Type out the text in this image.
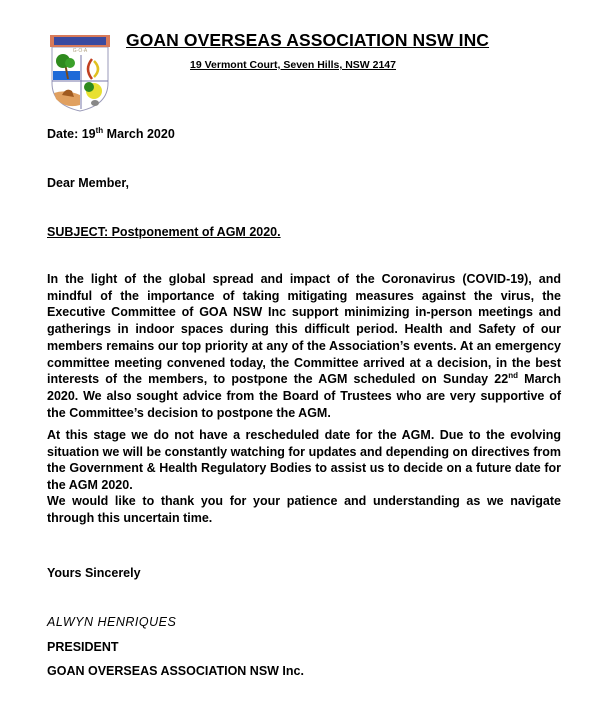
G·O·A
GOAN OVERSEAS ASSOCIATION NSW INC
19 Vermont Court, Seven Hills, NSW 2147
Date: 19th March 2020
Dear Member,
SUBJECT: Postponement of AGM 2020.
In the light of the global spread and impact of the Coronavirus (COVID-19), and mindful of the importance of taking mitigating measures against the virus, the Executive Committee of GOA NSW Inc support minimizing in-person meetings and gatherings in indoor spaces during this difficult period. Health and Safety of our members remains our top priority at any of the Association’s events. At an emergency committee meeting convened today, the Committee arrived at a decision, in the best interests of the members, to postpone the AGM scheduled on Sunday 22nd March 2020. We also sought advice from the Board of Trustees who are very supportive of the Committee’s decision to postpone the AGM.
At this stage we do not have a rescheduled date for the AGM. Due to the evolving situation we will be constantly watching for updates and depending on directives from the Government & Health Regulatory Bodies to assist us to decide on a future date for the AGM 2020.
We would like to thank you for your patience and understanding as we navigate through this uncertain time.
Yours Sincerely
ALWYN HENRIQUES
PRESIDENT
GOAN OVERSEAS ASSOCIATION NSW Inc.
